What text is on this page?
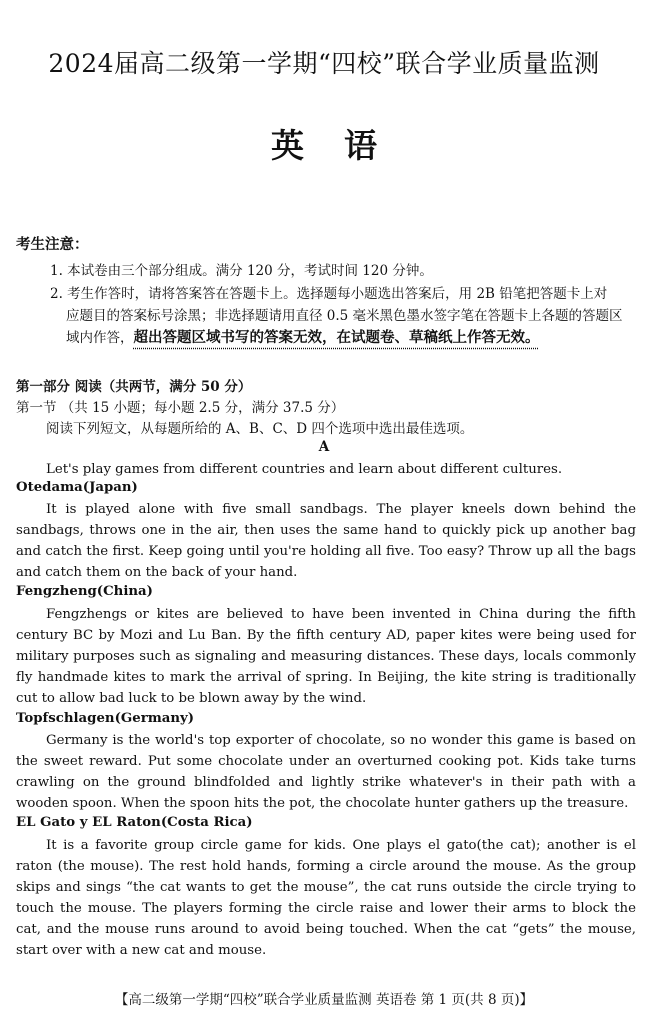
2024届高二级第一学期“四校”联合学业质量监测
英语
考生注意：
1. 本试卷由三个部分组成。满分 120 分，考试时间 120 分钟。
2. 考生作答时，请将答案答在答题卡上。选择题每小题选出答案后，用 2B 铅笔把答题卡上对
应题目的答案标号涂黑；非选择题请用直径 0.5 毫米黑色墨水签字笔在答题卡上各题的答题区域内作答，超出答题区域书写的答案无效，在试题卷、草稿纸上作答无效。
第一部分 阅读（共两节，满分 50 分）
第一节 （共 15 小题；每小题 2.5 分，满分 37.5 分）
阅读下列短文，从每题所给的 A、B、C、D 四个选项中选出最佳选项。
A
Let's play games from different countries and learn about different cultures.
Otedama(Japan)
It is played alone with five small sandbags. The player kneels down behind the sandbags, throws one in the air, then uses the same hand to quickly pick up another bag and catch the first. Keep going until you're holding all five. Too easy? Throw up all the bags and catch them on the back of your hand.
Fengzheng(China)
Fengzhengs or kites are believed to have been invented in China during the fifth century BC by Mozi and Lu Ban. By the fifth century AD, paper kites were being used for military purposes such as signaling and measuring distances. These days, locals commonly fly handmade kites to mark the arrival of spring. In Beijing, the kite string is traditionally cut to allow bad luck to be blown away by the wind.
Topfschlagen(Germany)
Germany is the world's top exporter of chocolate, so no wonder this game is based on the sweet reward. Put some chocolate under an overturned cooking pot. Kids take turns crawling on the ground blindfolded and lightly strike whatever's in their path with a wooden spoon. When the spoon hits the pot, the chocolate hunter gathers up the treasure.
EL Gato y EL Raton(Costa Rica)
It is a favorite group circle game for kids. One plays el gato(the cat); another is el raton (the mouse). The rest hold hands, forming a circle around the mouse. As the group skips and sings “the cat wants to get the mouse”, the cat runs outside the circle trying to touch the mouse. The players forming the circle raise and lower their arms to block the cat, and the mouse runs around to avoid being touched. When the cat “gets” the mouse, start over with a new cat and mouse.
【高二级第一学期“四校”联合学业质量监测 英语卷 第 1 页(共 8 页)】
